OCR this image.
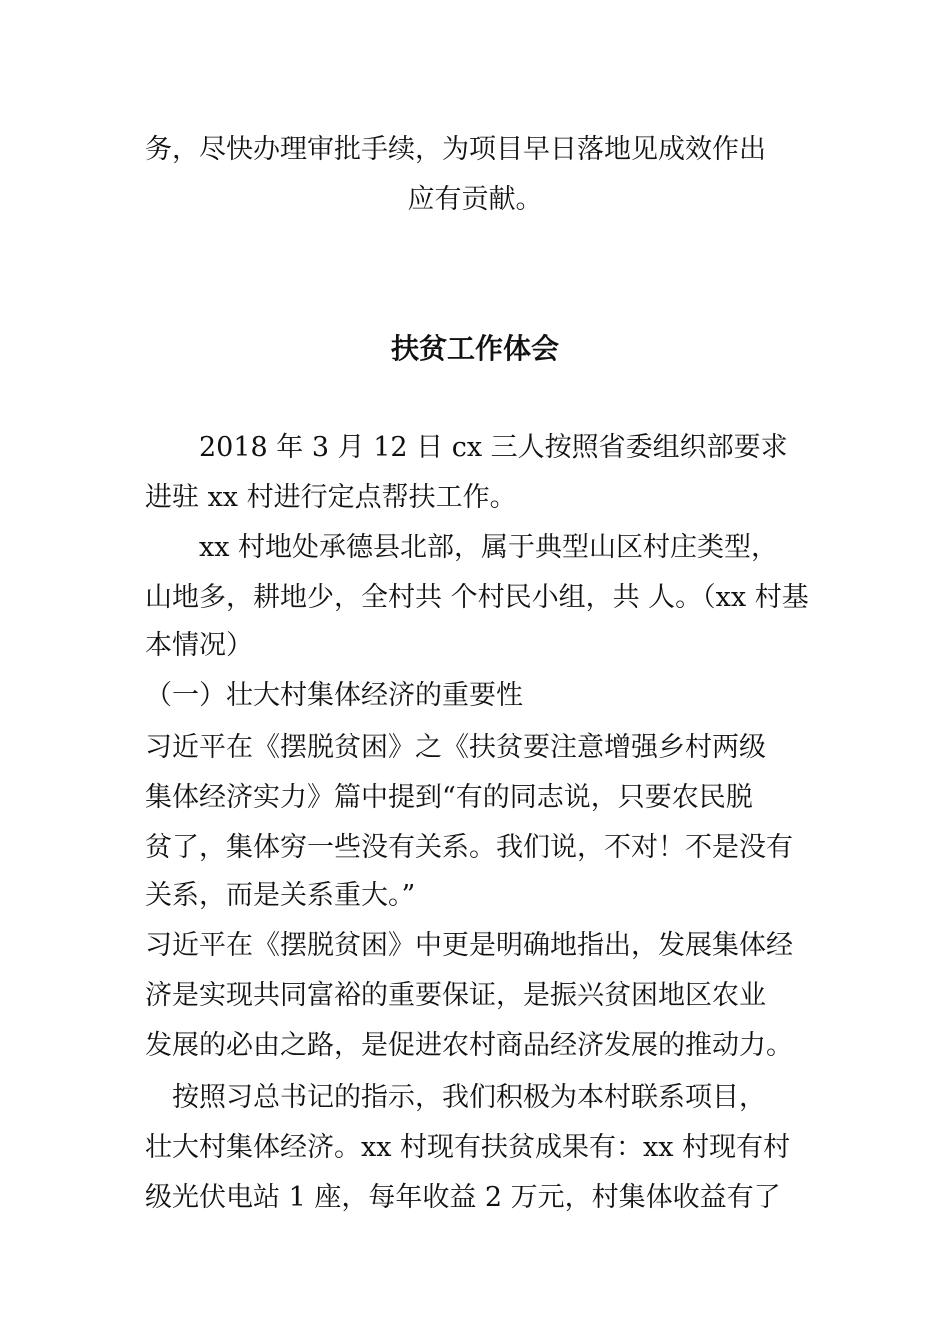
务，尽快办理审批手续，为项目早日落地见成效作出
应有贡献。
扶贫工作体会
　　2018 年 3 月 12 日 cx 三人按照省委组织部要求
进驻 xx 村进行定点帮扶工作。
　　xx 村地处承德县北部，属于典型山区村庄类型，
山地多，耕地少，全村共 个村民小组，共 人。（xx 村基
本情况）
（一）壮大村集体经济的重要性
习近平在《摆脱贫困》之《扶贫要注意增强乡村两级
集体经济实力》篇中提到“有的同志说，只要农民脱
贫了，集体穷一些没有关系。我们说，不对！不是没有
关系，而是关系重大。”
习近平在《摆脱贫困》中更是明确地指出，发展集体经
济是实现共同富裕的重要保证，是振兴贫困地区农业
发展的必由之路，是促进农村商品经济发展的推动力。
　按照习总书记的指示，我们积极为本村联系项目，
壮大村集体经济。xx 村现有扶贫成果有：xx 村现有村
级光伏电站 1 座，每年收益 2 万元，村集体收益有了
